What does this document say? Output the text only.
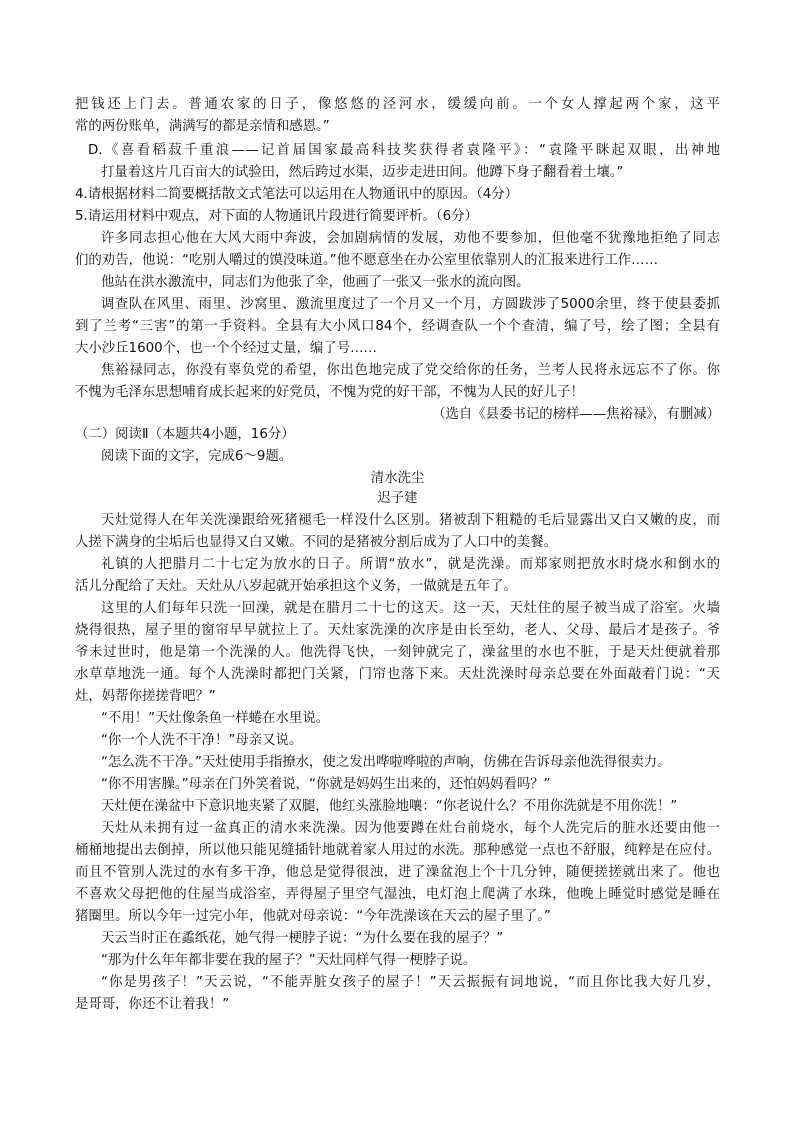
把钱还上门去。普通农家的日子，像悠悠的泾河水，缓缓向前。一个女人撑起两个家，这平
常的两份账单，满满写的都是亲情和感恩。”
D.《喜看稻菽千重浪——记首届国家最高科技奖获得者袁隆平》：“袁隆平眯起双眼，出神地
打量着这片几百亩大的试验田，然后跨过水渠，迈步走进田间。他蹲下身子翻看着土壤。”
4.请根据材料二简要概括散文式笔法可以运用在人物通讯中的原因。（4分）
5.请运用材料中观点，对下面的人物通讯片段进行简要评析。（6分）
许多同志担心他在大风大雨中奔波，会加剧病情的发展，劝他不要参加，但他毫不犹豫地拒绝了同志
们的劝告，他说：“吃别人嚼过的馍没味道。”他不愿意坐在办公室里依靠别人的汇报来进行工作……
他站在洪水激流中，同志们为他张了伞，他画了一张又一张水的流向图。
调查队在风里、雨里、沙窝里、激流里度过了一个月又一个月，方圆跋涉了5000余里，终于使县委抓
到了兰考“三害”的第一手资料。全县有大小风口84个，经调查队一个个查清，编了号，绘了图；全县有
大小沙丘1600个，也一个个经过丈量，编了号……
焦裕禄同志，你没有辜负党的希望，你出色地完成了党交给你的任务，兰考人民将永远忘不了你。你
不愧为毛泽东思想哺育成长起来的好党员，不愧为党的好干部，不愧为人民的好儿子！
（选自《县委书记的榜样——焦裕禄》，有删减）
（二）阅读Ⅱ（本题共4小题，16分）
阅读下面的文字，完成6～9题。
清水洗尘
迟子建
天灶觉得人在年关洗澡跟给死猪褪毛一样没什么区别。猪被刮下粗糙的毛后显露出又白又嫩的皮，而
人搓下满身的尘垢后也显得又白又嫩。不同的是猪被分割后成为了人口中的美餐。
礼镇的人把腊月二十七定为放水的日子。所谓“放水”，就是洗澡。而郑家则把放水时烧水和倒水的
活儿分配给了天灶。天灶从八岁起就开始承担这个义务，一做就是五年了。
这里的人们每年只洗一回澡，就是在腊月二十七的这天。这一天，天灶住的屋子被当成了浴室。火墙
烧得很热，屋子里的窗帘早早就拉上了。天灶家洗澡的次序是由长至幼，老人、父母、最后才是孩子。爷
爷未过世时，他是第一个洗澡的人。他洗得飞快，一刻钟就完了，澡盆里的水也不脏，于是天灶便就着那
水草草地洗一通。每个人洗澡时都把门关紧，门帘也落下来。天灶洗澡时母亲总要在外面敲着门说：“天
灶，妈帮你搓搓背吧？”
“不用！”天灶像条鱼一样蜷在水里说。
“你一个人洗不干净！”母亲又说。
“怎么洗不干净。”天灶使用手指撩水，使之发出哗啦哗啦的声响，仿佛在告诉母亲他洗得很卖力。
“你不用害臊。”母亲在门外笑着说，“你就是妈妈生出来的，还怕妈妈看吗？”
天灶便在澡盆中下意识地夹紧了双腿，他红头涨脸地嚷：“你老说什么？不用你洗就是不用你洗！”
天灶从未拥有过一盆真正的清水来洗澡。因为他要蹲在灶台前烧水，每个人洗完后的脏水还要由他一
桶桶地提出去倒掉，所以他只能见缝插针地就着家人用过的水洗。那种感觉一点也不舒服，纯粹是在应付。
而且不管别人洗过的水有多干净，他总是觉得很浊，进了澡盆泡上个十几分钟，随便搓搓就出来了。他也
不喜欢父母把他的住屋当成浴室，弄得屋子里空气湿浊，电灯泡上爬满了水珠，他晚上睡觉时感觉是睡在
猪圈里。所以今年一过完小年，他就对母亲说：“今年洗澡该在天云的屋子里了。”
天云当时正在蟊纸花，她气得一梗脖子说：“为什么要在我的屋子？”
“那为什么年年都非要在我的屋子？”天灶同样气得一梗脖子说。
“你是男孩子！”天云说，“不能弄脏女孩子的屋子！”天云振振有词地说，“而且你比我大好几岁，
是哥哥，你还不让着我！”
